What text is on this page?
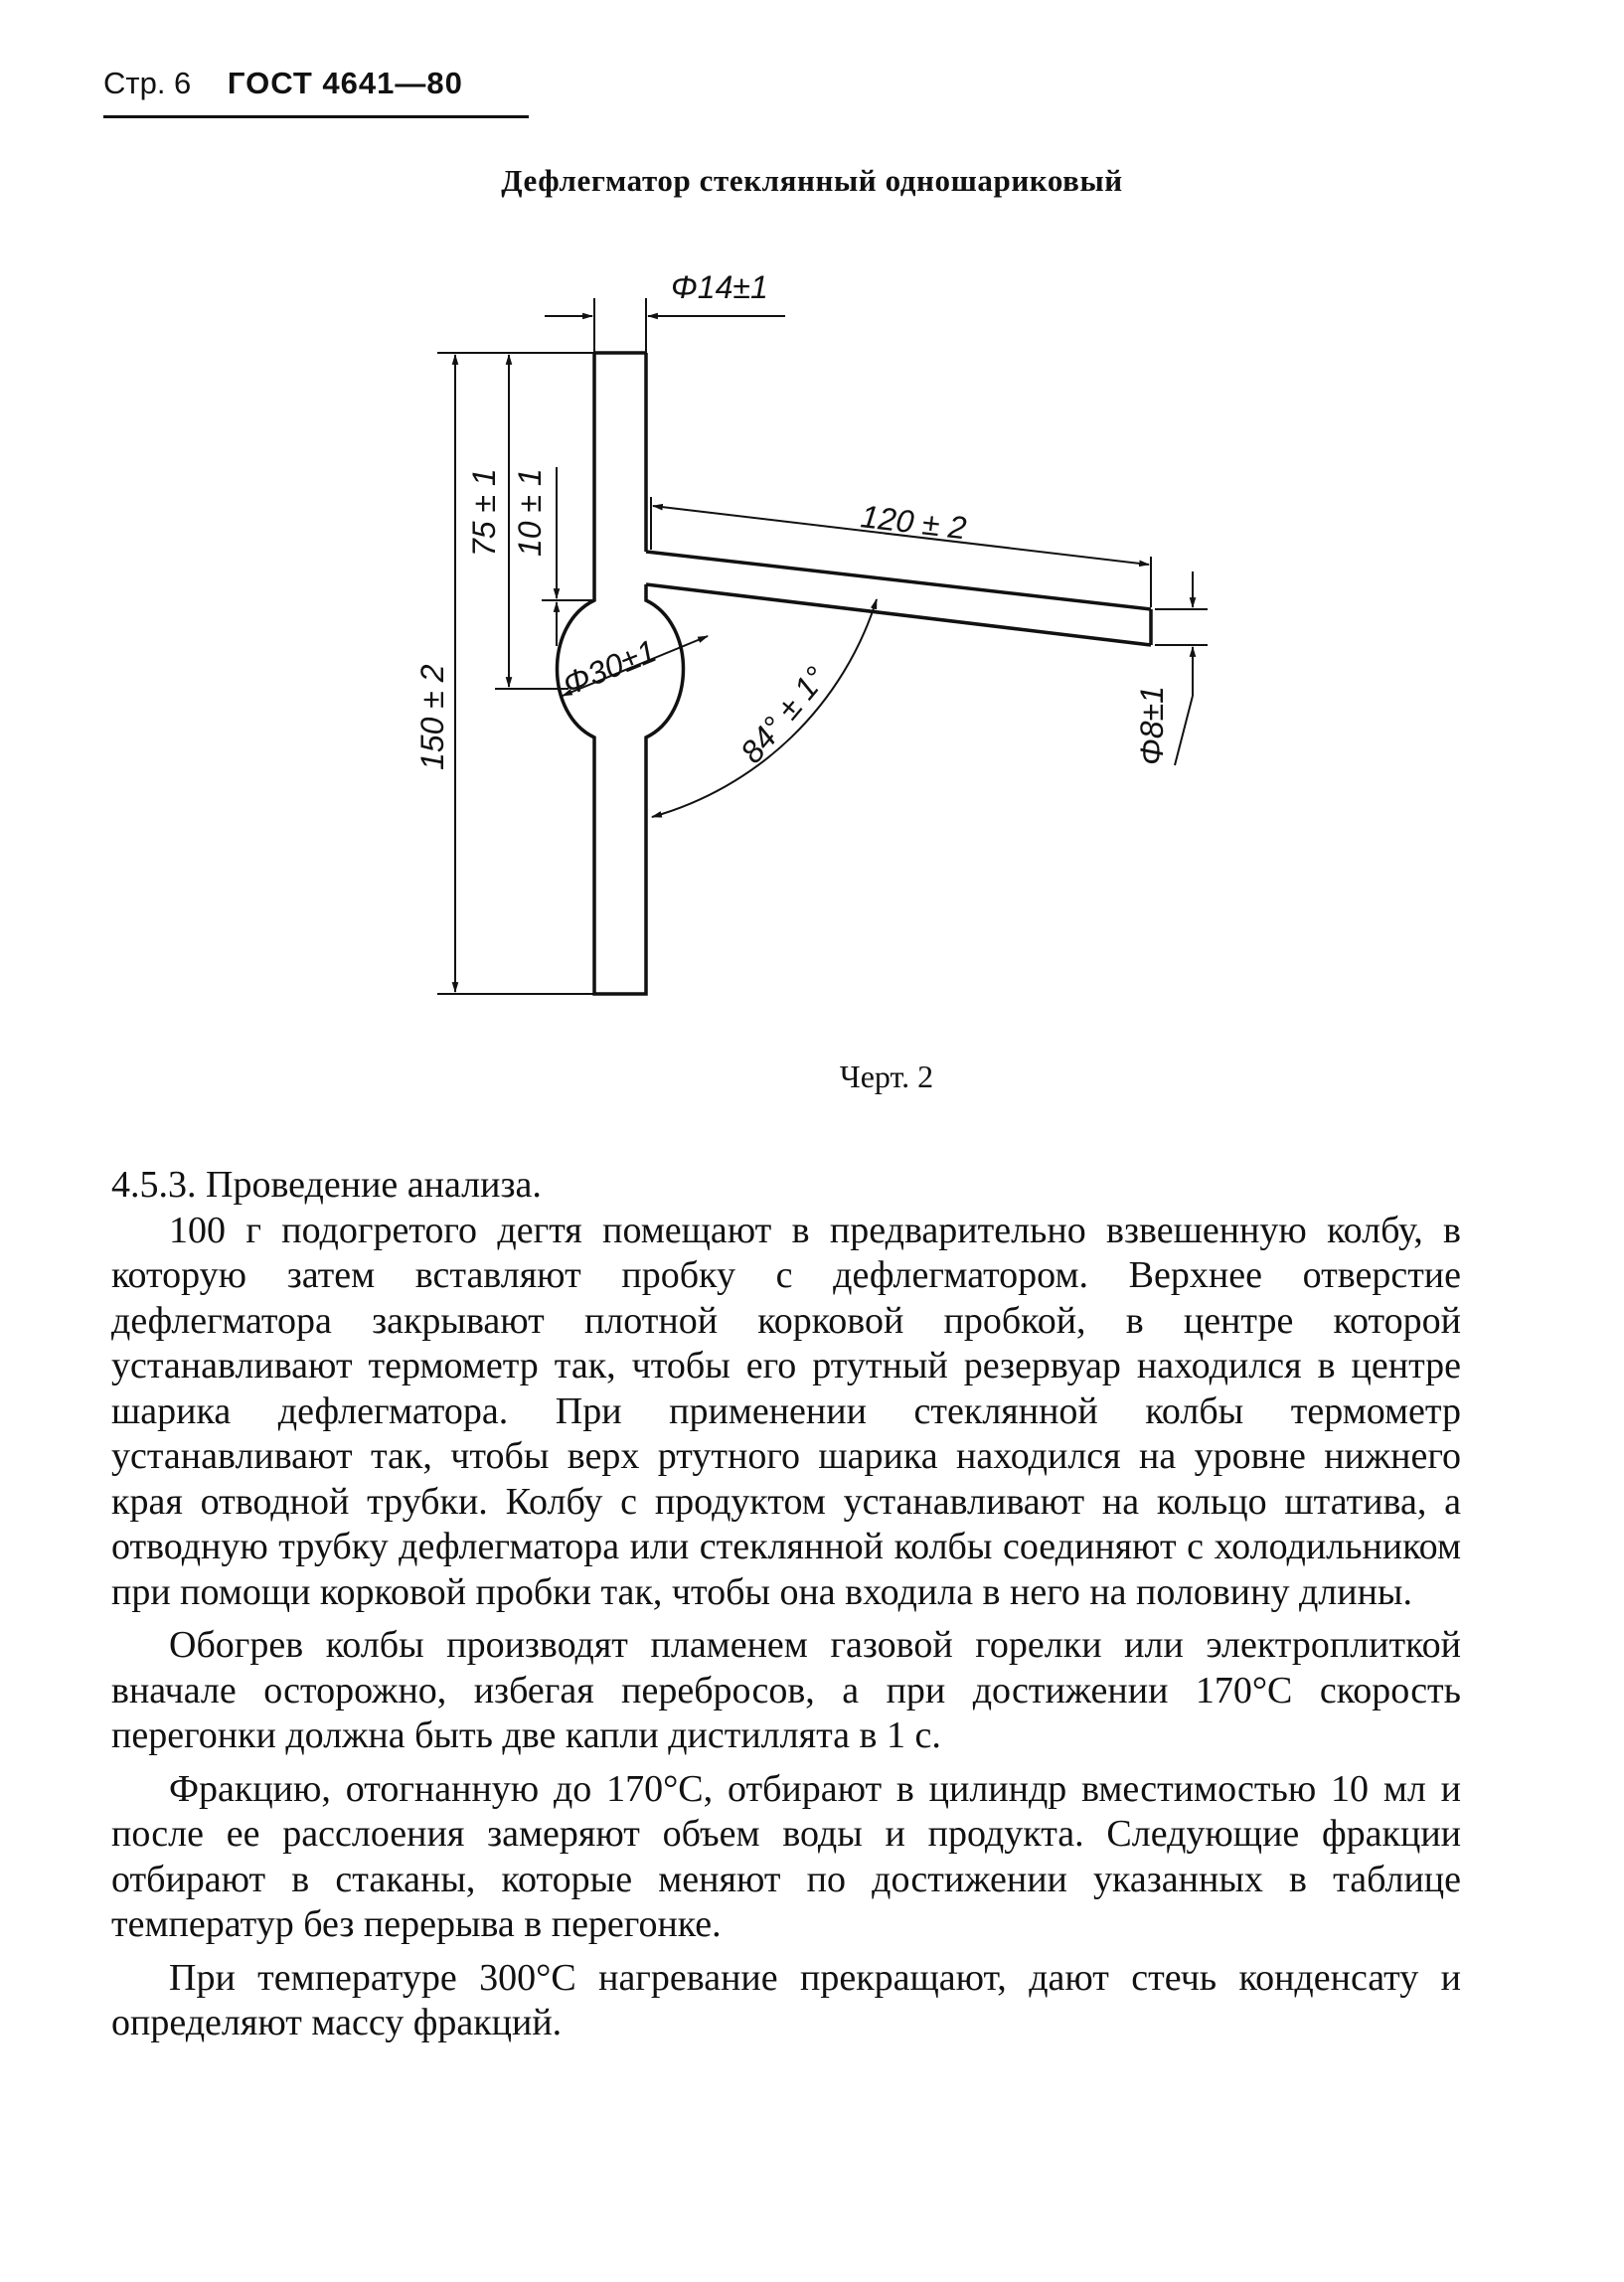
Стр. 6 ГОСТ 4641—80
Дефлегматор стеклянный одношариковый
Φ14±1
120 ± 2
150 ± 2
75 ± 1 10 ± 1
Φ30±1 84° ± 1°	Φ8±1
Черт. 2

4.5.3. Проведение анализа.

100 г подогретого дегтя помещают в предварительно взвешенную колбу, в которую затем вставляют пробку с дефлегматором. Верхнее отверстие дефлегматора закрывают плотной корковой пробкой, в центре которой устанавливают термометр так, чтобы его ртутный резервуар находился в центре шарика дефлегматора. При применении стеклянной колбы термометр устанавливают так, чтобы верх ртутного шарика находился на уровне нижнего края отводной трубки. Колбу с продуктом устанавливают на кольцо штатива, а отводную трубку дефлегматора или стеклянной колбы соединяют с холодильником при помощи корковой пробки так, чтобы она входила в него на половину длины.

Обогрев колбы производят пламенем газовой горелки или электроплиткой вначале осторожно, избегая перебросов, а при достижении 170°С скорость перегонки должна быть две капли дистиллята в 1 с.

Фракцию, отогнанную до 170°С, отбирают в цилиндр вместимостью 10 мл и после ее расслоения замеряют объем воды и продукта. Следующие фракции отбирают в стаканы, которые меняют по достижении указанных в таблице температур без перерыва в перегонке.

При температуре 300°С нагревание прекращают, дают стечь конденсату и определяют массу фракций.
